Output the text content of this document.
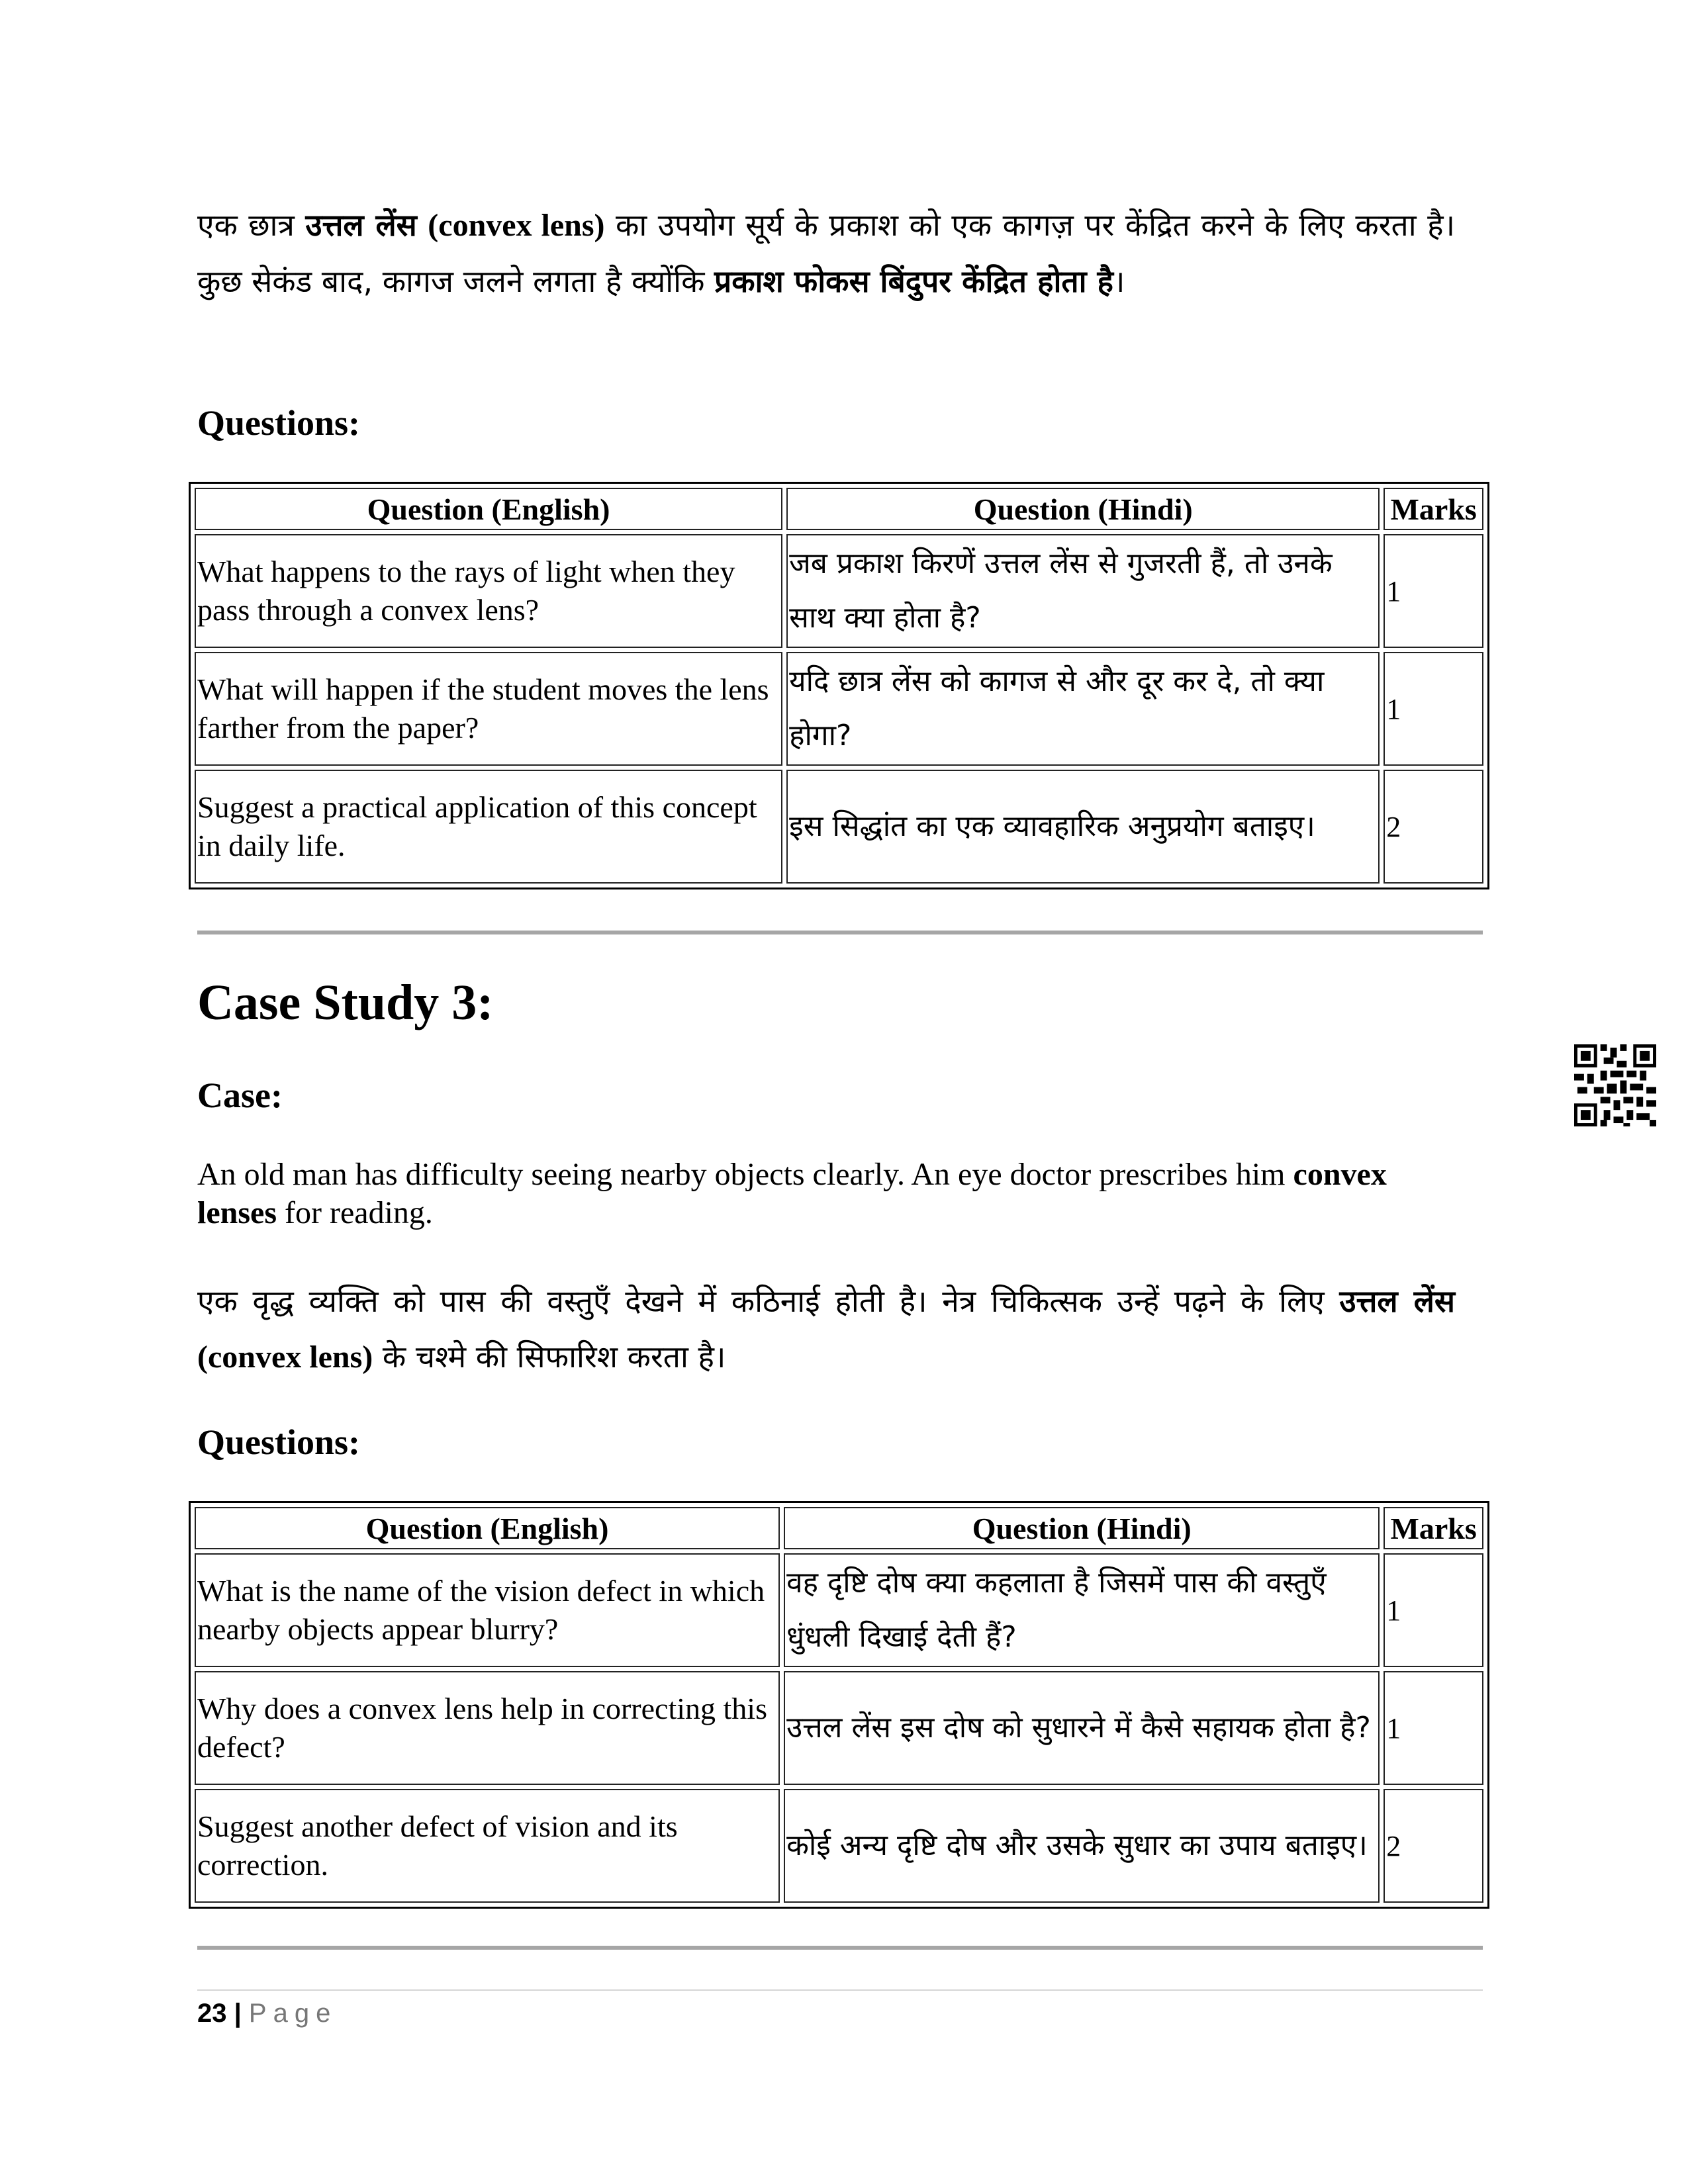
एक छात्र उत्तल लेंस (convex lens) का उपयोग सूर्य के प्रकाश को एक कागज़ पर केंद्रित करने के लिए करता है। कुछ सेकंड बाद, कागज जलने लगता है क्योंकि प्रकाश फोकस बिंदुपर केंद्रित होता है।

Questions:
Question (English)	Question (Hindi)	Marks
What happens to the rays of light when they pass through a convex lens?	जब प्रकाश किरणें उत्तल लेंस से गुजरती हैं, तो उनके साथ क्या होता है?	1
What will happen if the student moves the lens farther from the paper?	यदि छात्र लेंस को कागज से और दूर कर दे, तो क्या होगा?	1
Suggest a practical application of this concept in daily life.	इस सिद्धांत का एक व्यावहारिक अनुप्रयोग बताइए।	2
Case Study 3:
Case:

An old man has difficulty seeing nearby objects clearly. An eye doctor prescribes him convex lenses for reading.

एक वृद्ध व्यक्ति को पास की वस्तुएँ देखने में कठिनाई होती है। नेत्र चिकित्सक उन्हें पढ़ने के लिए उत्तल लेंस (convex lens) के चश्मे की सिफारिश करता है।

Questions:
Question (English)	Question (Hindi)	Marks
What is the name of the vision defect in which nearby objects appear blurry?	वह दृष्टि दोष क्या कहलाता है जिसमें पास की वस्तुएँ धुंधली दिखाई देती हैं?	1
Why does a convex lens help in correcting this defect?	उत्तल लेंस इस दोष को सुधारने में कैसे सहायक होता है?	1
Suggest another defect of vision and its correction.	कोई अन्य दृष्टि दोष और उसके सुधार का उपाय बताइए।	2
23 | Page
